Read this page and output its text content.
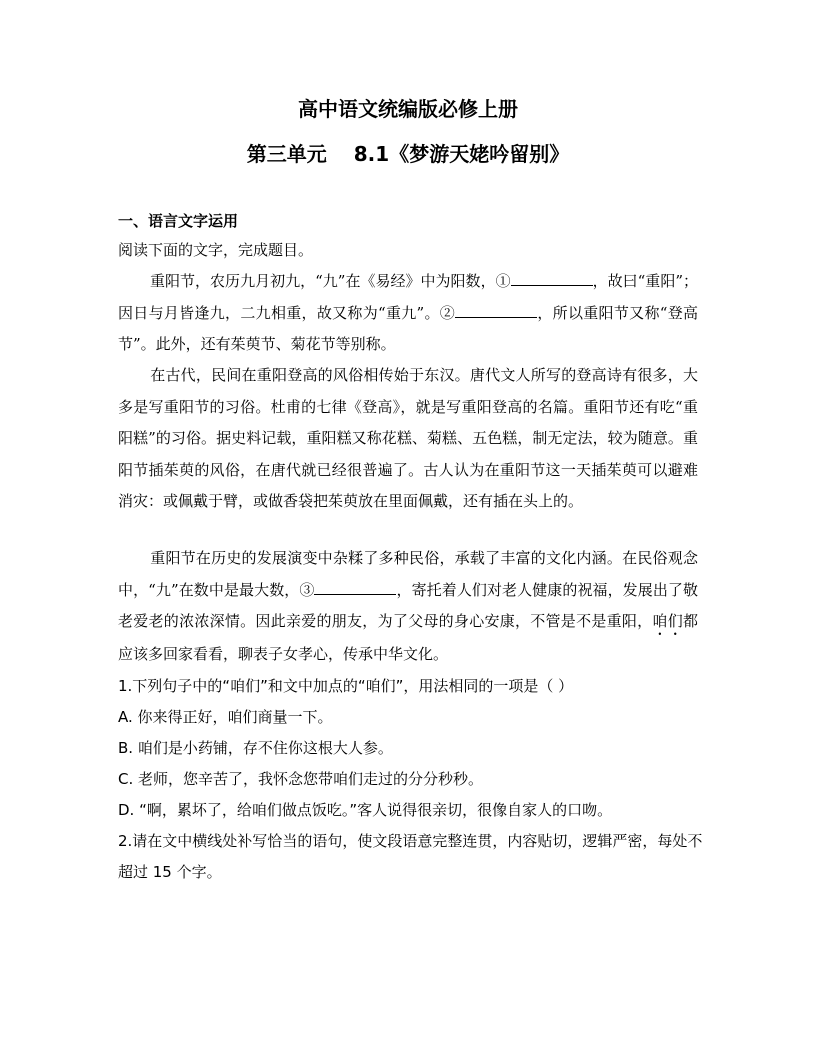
高中语文统编版必修上册
第三单元　 8.1《梦游天姥吟留别》
一、语言文字运用
阅读下面的文字，完成题目。

重阳节，农历九月初九，“九”在《易经》中为阳数，①	，故曰“重阳”；因日与月皆逢九，二九相重，故又称为“重九”。②	，所以重阳节又称“登高节”。此外，还有茱萸节、菊花节等别称。

在古代，民间在重阳登高的风俗相传始于东汉。唐代文人所写的登高诗有很多，大多是写重阳节的习俗。杜甫的七律《登高》，就是写重阳登高的名篇。重阳节还有吃“重阳糕”的习俗。据史料记载，重阳糕又称花糕、菊糕、五色糕，制无定法，较为随意。重阳节插茱萸的风俗，在唐代就已经很普遍了。古人认为在重阳节这一天插茱萸可以避难消灾：或佩戴于臂，或做香袋把茱萸放在里面佩戴，还有插在头上的。

重阳节在历史的发展演变中杂糅了多种民俗，承载了丰富的文化内涵。在民俗观念中，“九”在数中是最大数，③	，寄托着人们对老人健康的祝福，发展出了敬老爱老的浓浓深情。因此亲爱的朋友，为了父母的身心安康，不管是不是重阳，咱们都应该多回家看看，聊表子女孝心，传承中华文化。

1.下列句子中的“咱们”和文中加点的“咱们”，用法相同的一项是（ ）
A. 你来得正好，咱们商量一下。
B. 咱们是小药铺，存不住你这根大人参。
C. 老师，您辛苦了，我怀念您带咱们走过的分分秒秒。
D. “啊，累坏了，给咱们做点饭吃。”客人说得很亲切，很像自家人的口吻。
2.请在文中横线处补写恰当的语句，使文段语意完整连贯，内容贴切，逻辑严密，每处不超过 15 个字。
